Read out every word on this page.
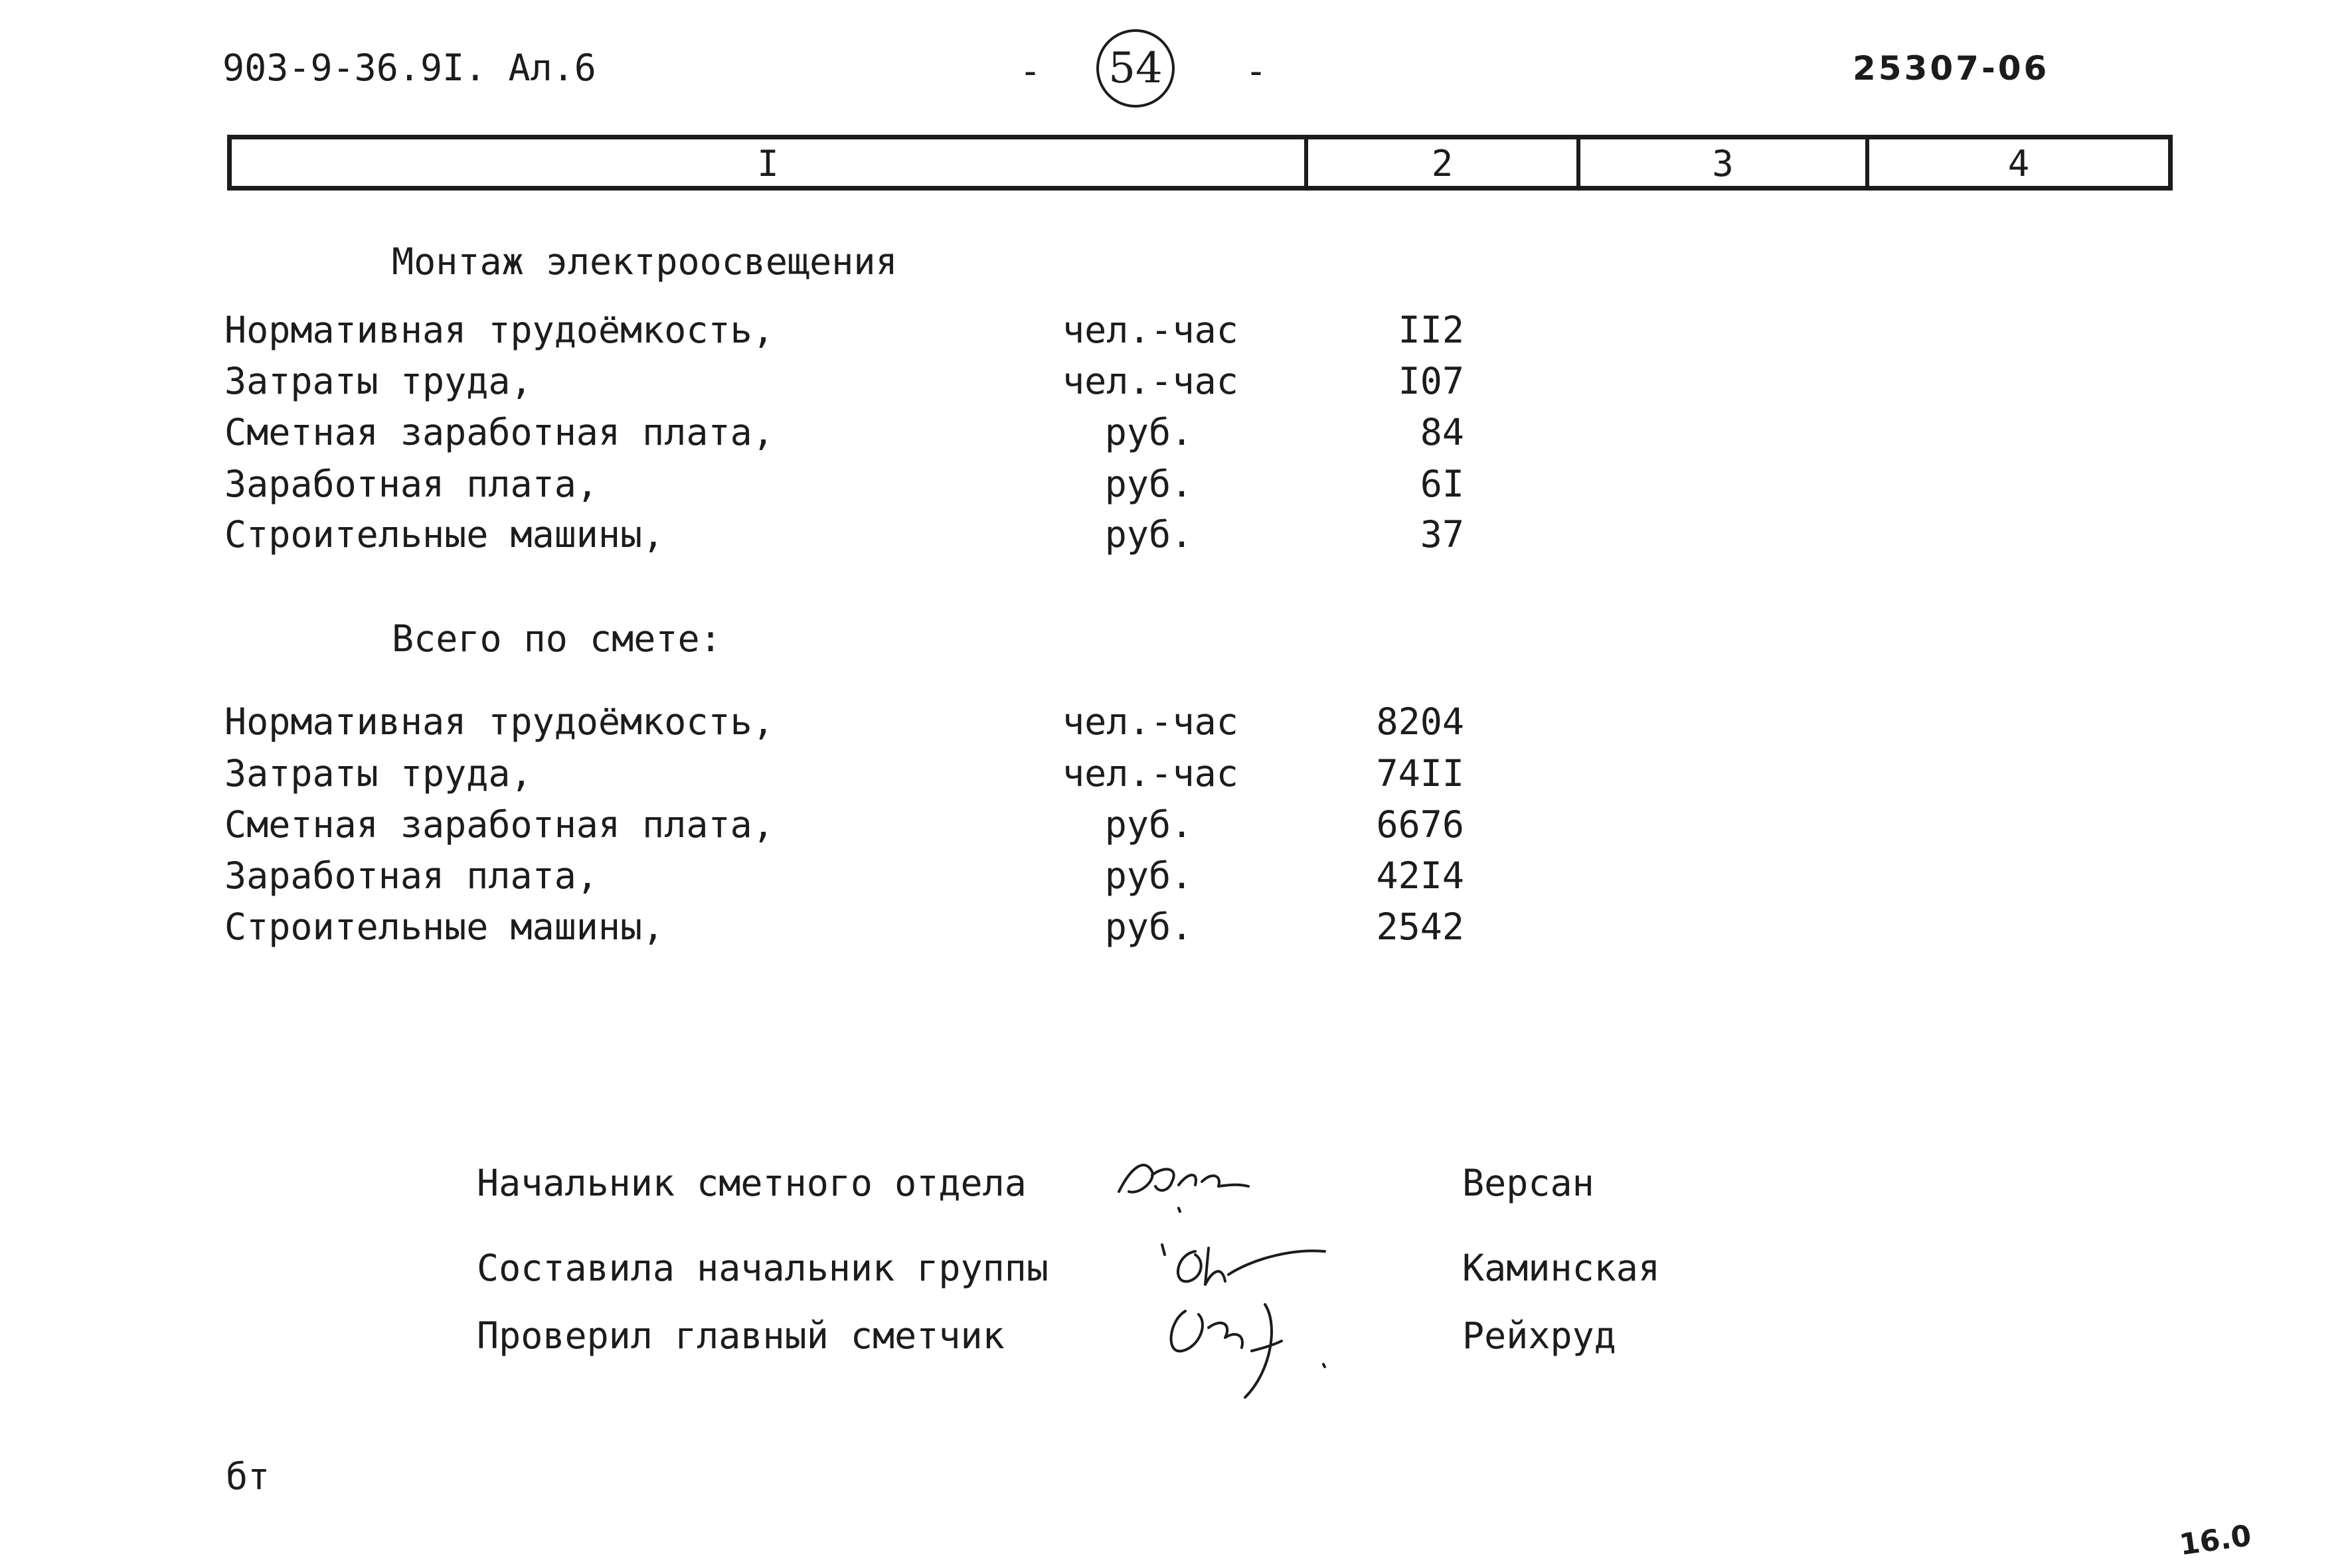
903-9-36.9I. Ал.6	- 54	-	25307-06
I	2	3	4
Монтаж электроосвещения
Нормативная трудоёмкость,	чел.-час	II2
Затраты труда,	чел.-час	I07
Сметная заработная плата,	руб.	84
Заработная плата,	руб.	6I
Строительные машины,	руб.	37
Всего по смете:
Нормативная трудоёмкость,	чел.-час	8204
Затраты труда,	чел.-час	74II
Сметная заработная плата,	руб.	6676
Заработная плата,	руб.	42I4
Строительные машины,	руб.	2542
Начальник сметного отдела	Версан
Составила начальник группы	Каминская
Проверил главный сметчик	Рейхруд
бт
16.0
